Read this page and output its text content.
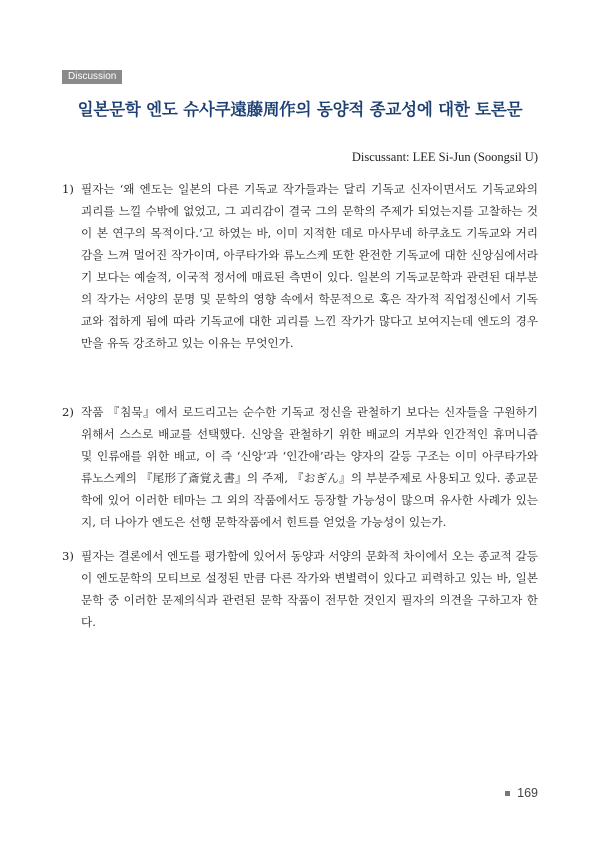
Discussion
일본문학 엔도 슈사쿠遠藤周作의 동양적 종교성에 대한 토론문
Discussant: LEE Si-Jun (Soongsil U)
1) 필자는 ‘왜 엔도는 일본의 다른 기독교 작가들과는 달리 기독교 신자이면서도 기독교와의 괴리를 느낄 수밖에 없었고, 그 괴리감이 결국 그의 문학의 주제가 되었는지를 고찰하는 것이 본 연구의 목적이다.’고 하였는 바, 이미 지적한 데로 마사무네 하쿠쵸도 기독교와 거리감을 느껴 멀어진 작가이며, 아쿠타가와 류노스케 또한 완전한 기독교에 대한 신앙심에서라기 보다는 예술적, 이국적 정서에 매료된 측면이 있다. 일본의 기독교문학과 관련된 대부분의 작가는 서양의 문명 및 문학의 영향 속에서 학문적으로 혹은 작가적 직업정신에서 기독교와 접하게 됨에 따라 기독교에 대한 괴리를 느낀 작가가 많다고 보여지는데 엔도의 경우만을 유독 강조하고 있는 이유는 무엇인가.
2) 작품 『침묵』에서 로드리고는 순수한 기독교 정신을 관철하기 보다는 신자들을 구원하기 위해서 스스로 배교를 선택했다. 신앙을 관철하기 위한 배교의 거부와 인간적인 휴머니즘 및 인류애를 위한 배교, 이 즉 ‘신앙’과 ‘인간애’라는 양자의 갈등 구조는 이미 아쿠타가와 류노스케의 『尾形了斎覚え書』의 주제, 『おぎん』의 부분주제로 사용되고 있다. 종교문학에 있어 이러한 테마는 그 외의 작품에서도 등장할 가능성이 많으며 유사한 사례가 있는지, 더 나아가 엔도은 선행 문학작품에서 힌트를 얻었을 가능성이 있는가.
3) 필자는 결론에서 엔도를 평가함에 있어서 동양과 서양의 문화적 차이에서 오는 종교적 갈등이 엔도문학의 모티브로 설정된 만큼 다른 작가와 변별력이 있다고 피력하고 있는 바, 일본 문학 중 이러한 문제의식과 관련된 문학 작품이 전무한 것인지 필자의 의견을 구하고자 한다.
169
